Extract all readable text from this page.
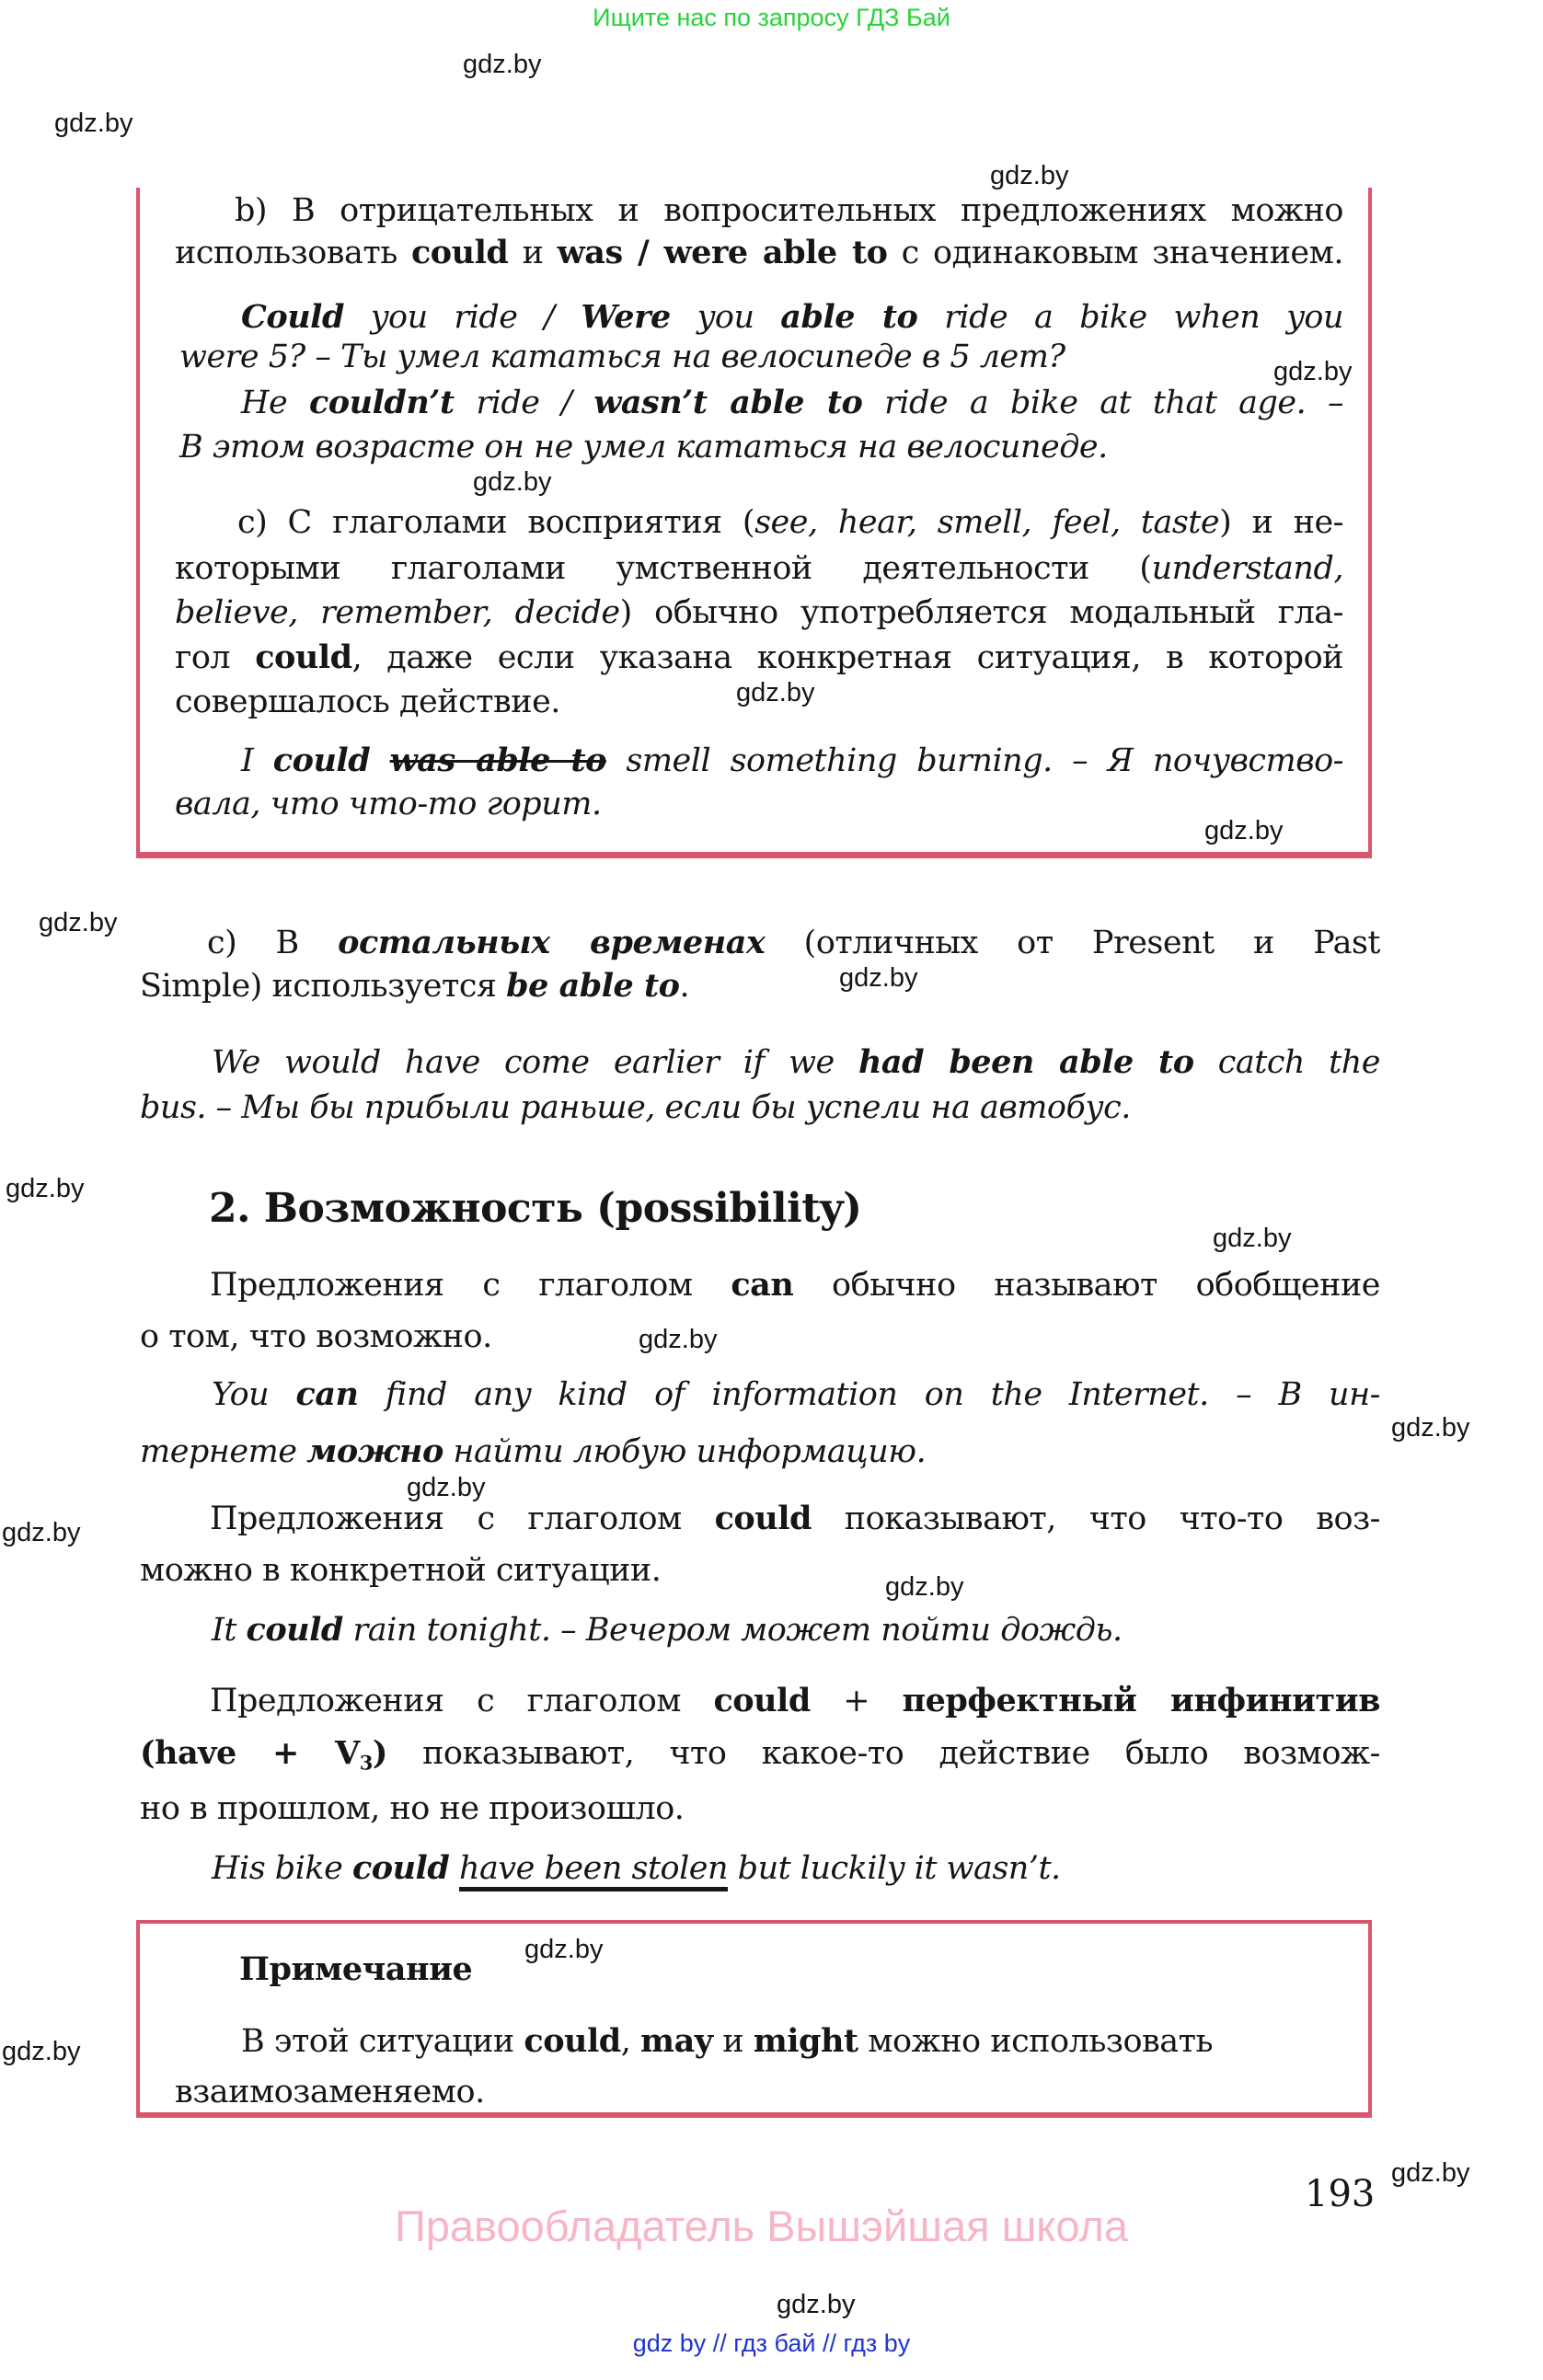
Ищите нас по запросу ГДЗ Бай
b) В отрицательных и вопросительных предложениях можно
использовать could и was / were able to с одинаковым значением.
Could you ride / Were you able to ride a bike when you
were 5? – Ты умел кататься на велосипеде в 5 лет?
He couldn’t ride / wasn’t able to ride a bike at that age. –
В этом возрасте он не умел кататься на велосипеде.
c) С глаголами восприятия (see, hear, smell, feel, taste) и не-
которыми глаголами умственной деятельности (understand,
believe, remember, decide) обычно употребляется модальный гла-
гол could, даже если указана конкретная ситуация, в которой
совершалось действие.
I could was able to smell something burning. – Я почувство-
вала, что что-то горит.
c) В остальных временах (отличных от Present и Past
Simple) используется be able to.
We would have come earlier if we had been able to catch the
bus. – Мы бы прибыли раньше, если бы успели на автобус.
2. Возможность (possibility)
Предложения с глаголом can обычно называют обобщение
о том, что возможно.
You can find any kind of information on the Internet. – В ин-
тернете можно найти любую информацию.
Предложения с глаголом could показывают, что что-то воз-
можно в конкретной ситуации.
It could rain tonight. – Вечером может пойти дождь.
Предложения с глаголом could + перфектный инфинитив
(have + V3) показывают, что какое-то действие было возмож-
но в прошлом, но не произошло.
His bike could have been stolen but luckily it wasn’t.
Примечание
В этой ситуации could, may и might можно использовать
взаимозаменяемо.
gdz.by
gdz.by
gdz.by
gdz.by
gdz.by
gdz.by
gdz.by
gdz.by
gdz.by
gdz.by
gdz.by
gdz.by
gdz.by
gdz.by
gdz.by
gdz.by
gdz.by
gdz.by
gdz.by
gdz.by
193
Правообладатель Вышэйшая школа
gdz by // гдз бай // гдз by
